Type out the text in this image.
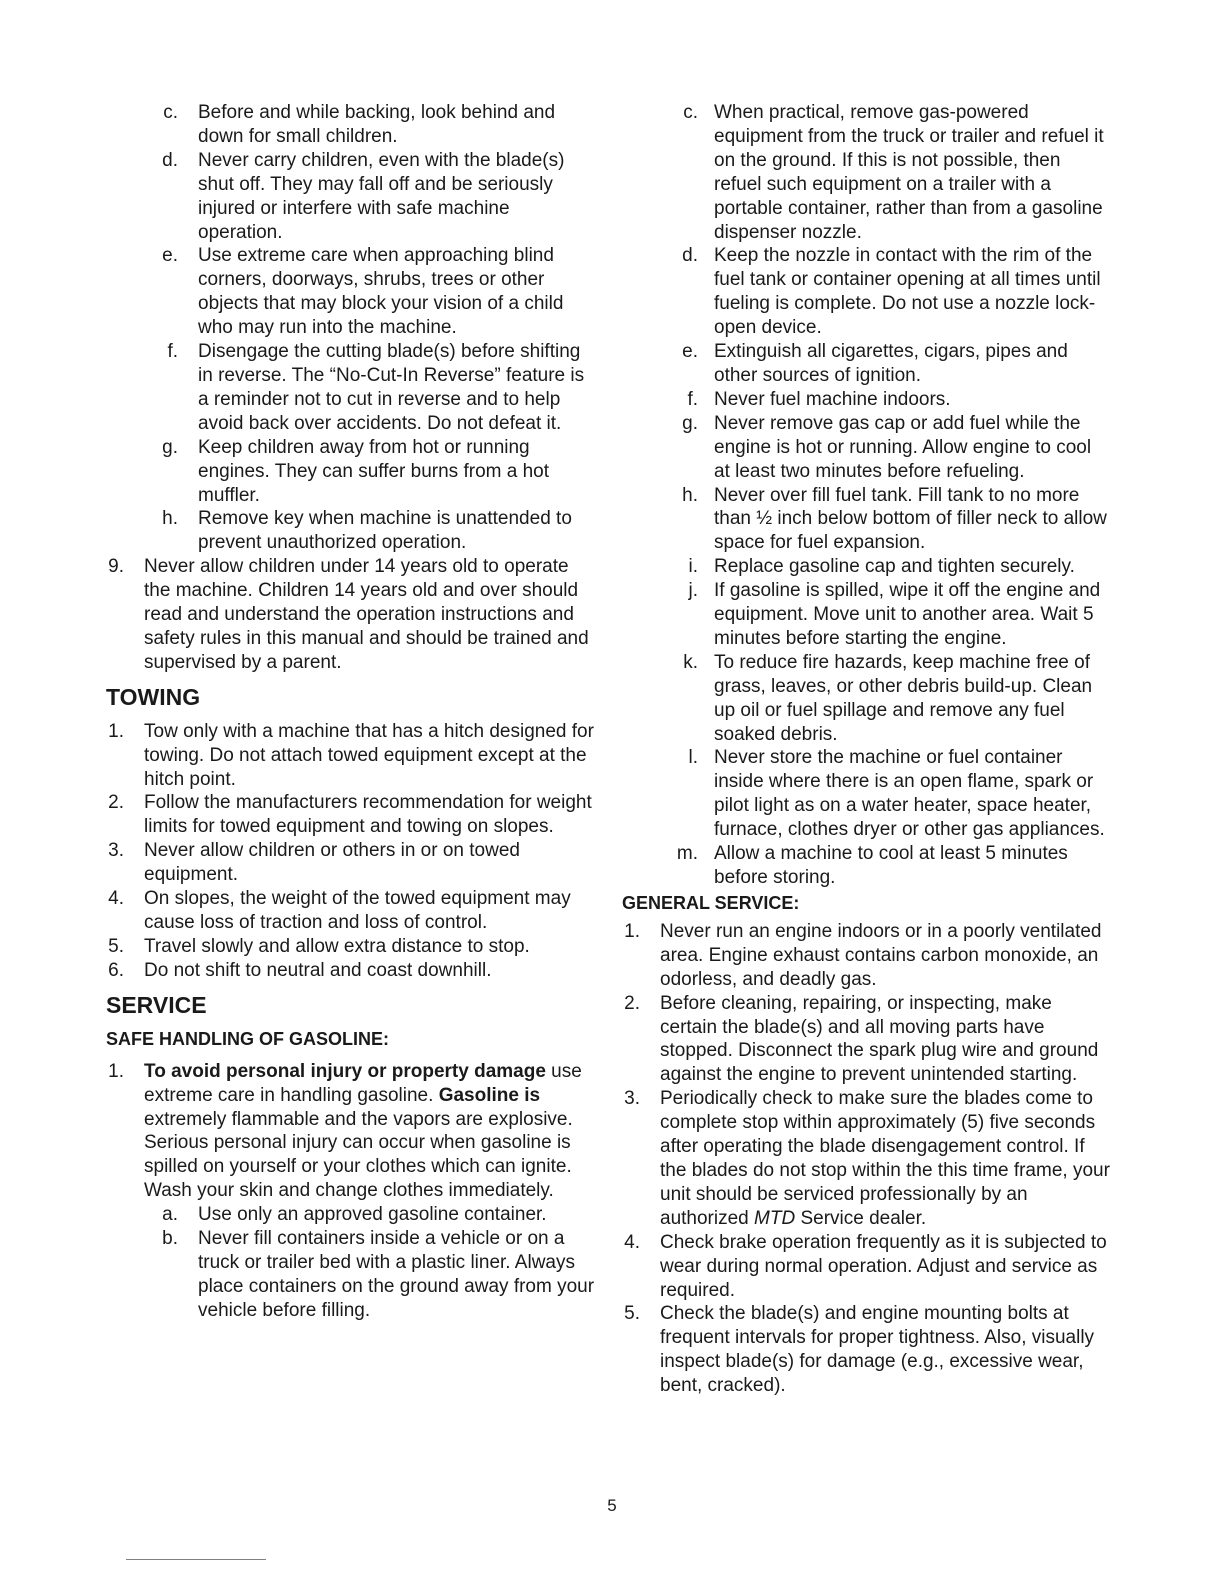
c. Before and while backing, look behind and down for small children.
d. Never carry children, even with the blade(s) shut off. They may fall off and be seriously injured or interfere with safe machine operation.
e. Use extreme care when approaching blind corners, doorways, shrubs, trees or other objects that may block your vision of a child who may run into the machine.
f. Disengage the cutting blade(s) before shifting in reverse. The “No-Cut-In Reverse” feature is a reminder not to cut in reverse and to help avoid back over accidents. Do not defeat it.
g. Keep children away from hot or running engines. They can suffer burns from a hot muffler.
h. Remove key when machine is unattended to prevent unauthorized operation.
9. Never allow children under 14 years old to operate the machine. Children 14 years old and over should read and understand the operation instructions and safety rules in this manual and should be trained and supervised by a parent.
TOWING
1. Tow only with a machine that has a hitch designed for towing. Do not attach towed equipment except at the hitch point.
2. Follow the manufacturers recommendation for weight limits for towed equipment and towing on slopes.
3. Never allow children or others in or on towed equipment.
4. On slopes, the weight of the towed equipment may cause loss of traction and loss of control.
5. Travel slowly and allow extra distance to stop.
6. Do not shift to neutral and coast downhill.
SERVICE
SAFE HANDLING OF GASOLINE:
1. To avoid personal injury or property damage use extreme care in handling gasoline. Gasoline is extremely flammable and the vapors are explosive. Serious personal injury can occur when gasoline is spilled on yourself or your clothes which can ignite. Wash your skin and change clothes immediately.
a. Use only an approved gasoline container.
b. Never fill containers inside a vehicle or on a truck or trailer bed with a plastic liner. Always place containers on the ground away from your vehicle before filling.
c. When practical, remove gas-powered equipment from the truck or trailer and refuel it on the ground. If this is not possible, then refuel such equipment on a trailer with a portable container, rather than from a gasoline dispenser nozzle.
d. Keep the nozzle in contact with the rim of the fuel tank or container opening at all times until fueling is complete. Do not use a nozzle lock-open device.
e. Extinguish all cigarettes, cigars, pipes and other sources of ignition.
f. Never fuel machine indoors.
g. Never remove gas cap or add fuel while the engine is hot or running. Allow engine to cool at least two minutes before refueling.
h. Never over fill fuel tank. Fill tank to no more than ½ inch below bottom of filler neck to allow space for fuel expansion.
i. Replace gasoline cap and tighten securely.
j. If gasoline is spilled, wipe it off the engine and equipment. Move unit to another area. Wait 5 minutes before starting the engine.
k. To reduce fire hazards, keep machine free of grass, leaves, or other debris build-up. Clean up oil or fuel spillage and remove any fuel soaked debris.
l. Never store the machine or fuel container inside where there is an open flame, spark or pilot light as on a water heater, space heater, furnace, clothes dryer or other gas appliances.
m. Allow a machine to cool at least 5 minutes before storing.
GENERAL SERVICE:
1. Never run an engine indoors or in a poorly ventilated area. Engine exhaust contains carbon monoxide, an odorless, and deadly gas.
2. Before cleaning, repairing, or inspecting, make certain the blade(s) and all moving parts have stopped. Disconnect the spark plug wire and ground against the engine to prevent unintended starting.
3. Periodically check to make sure the blades come to complete stop within approximately (5) five seconds after operating the blade disengagement control. If the blades do not stop within the this time frame, your unit should be serviced professionally by an authorized MTD Service dealer.
4. Check brake operation frequently as it is subjected to wear during normal operation. Adjust and service as required.
5. Check the blade(s) and engine mounting bolts at frequent intervals for proper tightness. Also, visually inspect blade(s) for damage (e.g., excessive wear, bent, cracked).
5
